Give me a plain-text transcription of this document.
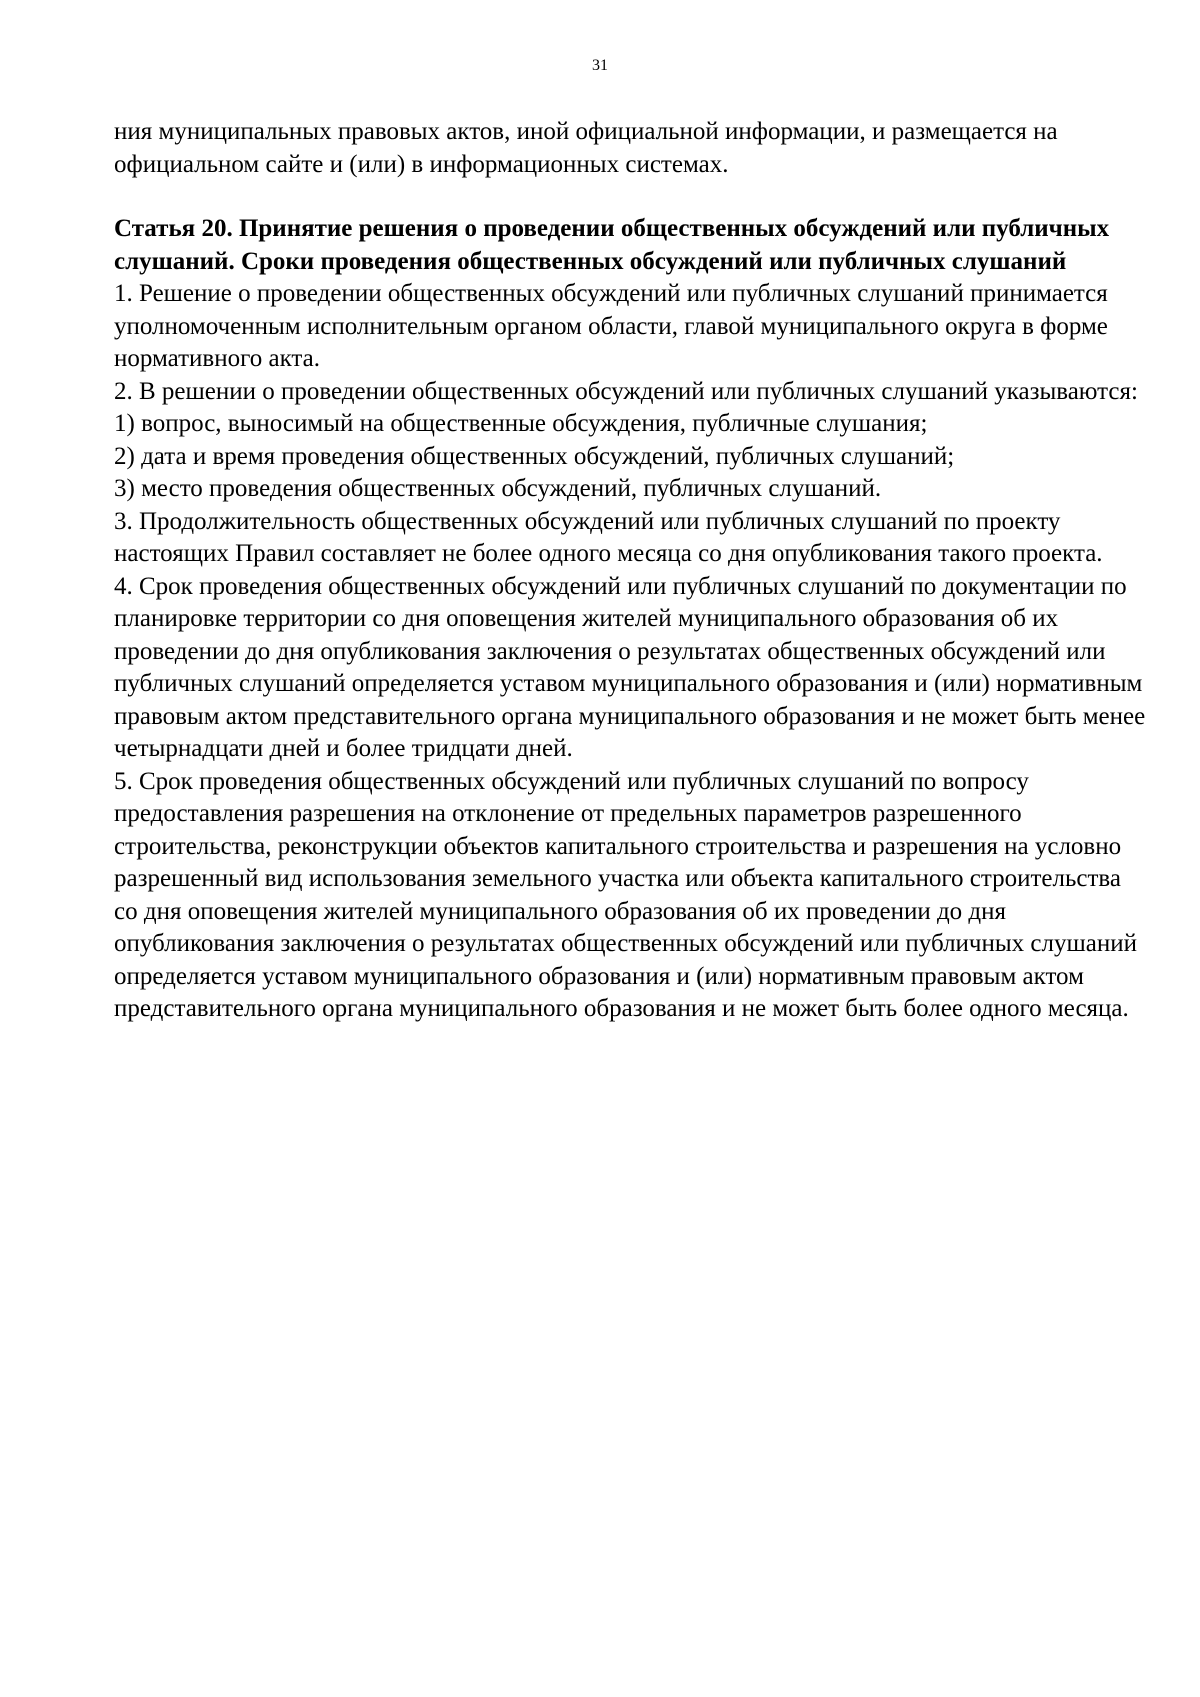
31

ния муниципальных правовых актов, иной официальной информации, и размещается на официальном сайте и (или) в информационных системах.

Статья 20. Принятие решения о проведении общественных обсуждений или публичных слушаний. Сроки проведения общественных обсуждений или публичных слушаний

1. Решение о проведении общественных обсуждений или публичных слушаний принимается уполномоченным исполнительным органом области, главой муниципального округа в форме нормативного акта.

2. В решении о проведении общественных обсуждений или публичных слушаний указываются:

1) вопрос, выносимый на общественные обсуждения, публичные слушания;

2) дата и время проведения общественных обсуждений, публичных слушаний;

3) место проведения общественных обсуждений, публичных слушаний.

3. Продолжительность общественных обсуждений или публичных слушаний по проекту настоящих Правил составляет не более одного месяца со дня опубликования такого проекта.

4. Срок проведения общественных обсуждений или публичных слушаний по документации по планировке территории со дня оповещения жителей муниципального образования об их проведении до дня опубликования заключения о результатах общественных обсуждений или публичных слушаний определяется уставом муниципального образования и (или) нормативным правовым актом представительного органа муниципального образования и не может быть менее четырнадцати дней и более тридцати дней.

5. Срок проведения общественных обсуждений или публичных слушаний по вопросу предоставления разрешения на отклонение от предельных параметров разрешенного строительства, реконструкции объектов капитального строительства и разрешения на условно разрешенный вид использования земельного участка или объекта капитального строительства со дня оповещения жителей муниципального образования об их проведении до дня опубликования заключения о результатах общественных обсуждений или публичных слушаний определяется уставом муниципального образования и (или) нормативным правовым актом представительного органа муниципального образования и не может быть более одного месяца.
